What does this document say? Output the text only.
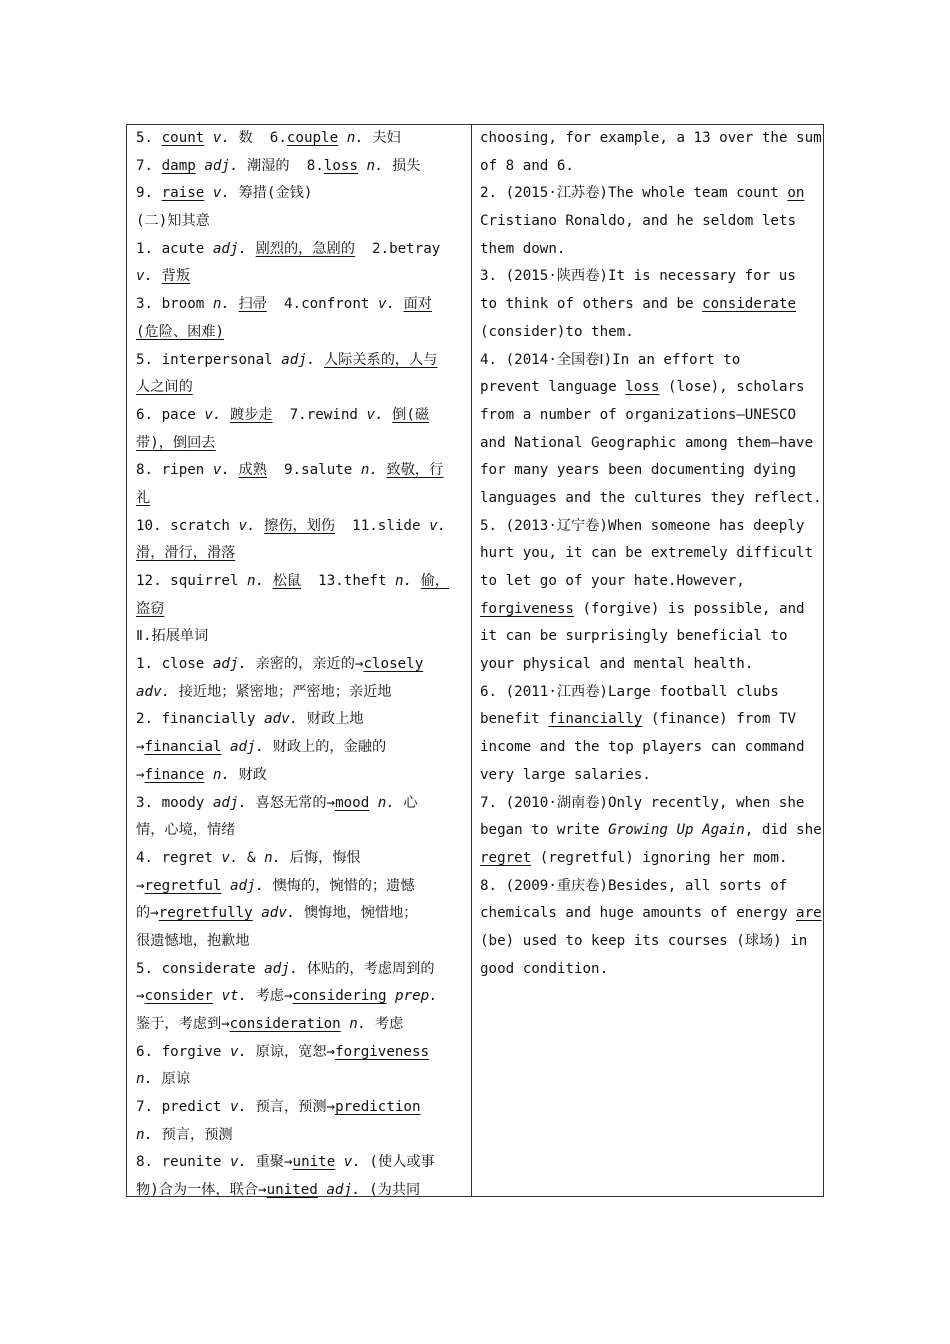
5. count v. 数  6.couple n. 夫妇
7. damp adj. 潮湿的  8.loss n. 损失
9. raise v. 筹措(金钱)
(二)知其意
1. acute adj. 剧烈的，急剧的  2.betray
v. 背叛
3. broom n. 扫帚  4.confront v. 面对
(危险、困难)
5. interpersonal adj. 人际关系的，人与
人之间的
6. pace v. 踱步走  7.rewind v. 倒(磁
带)，倒回去
8. ripen v. 成熟  9.salute n. 致敬，行
礼
10. scratch v. 擦伤，划伤  11.slide v.
滑，滑行，滑落
12. squirrel n. 松鼠  13.theft n. 偷，
盗窃
Ⅱ.拓展单词
1. close adj. 亲密的，亲近的→closely
adv. 接近地；紧密地；严密地；亲近地
2. financially adv. 财政上地
→financial adj. 财政上的，金融的
→finance n. 财政
3. moody adj. 喜怒无常的→mood n. 心
情，心境，情绪
4. regret v. & n. 后悔，悔恨
→regretful adj. 懊悔的，惋惜的；遗憾
的→regretfully adv. 懊悔地，惋惜地；
很遗憾地，抱歉地
5. considerate adj. 体贴的，考虑周到的
→consider vt. 考虑→considering prep.
鉴于，考虑到→consideration n. 考虑
6. forgive v. 原谅，宽恕→forgiveness
n. 原谅
7. predict v. 预言，预测→prediction
n. 预言，预测
8. reunite v. 重聚→unite v. (使人或事
物)合为一体，联合→united adj. (为共同
choosing, for example, a 13 over the sum
of 8 and 6.
2. (2015·江苏卷)The whole team count on
Cristiano Ronaldo, and he seldom lets
them down.
3. (2015·陕西卷)It is necessary for us
to think of others and be considerate
(consider)to them.
4. (2014·全国卷Ⅰ)In an effort to
prevent language loss (lose), scholars
from a number of organizations—UNESCO
and National Geographic among them—have
for many years been documenting dying
languages and the cultures they reflect.
5. (2013·辽宁卷)When someone has deeply
hurt you, it can be extremely difficult
to let go of your hate.However,
forgiveness (forgive) is possible, and
it can be surprisingly beneficial to
your physical and mental health.
6. (2011·江西卷)Large football clubs
benefit financially (finance) from TV
income and the top players can command
very large salaries.
7. (2010·湖南卷)Only recently, when she
began to write Growing Up Again, did she
regret (regretful) ignoring her mom.
8. (2009·重庆卷)Besides, all sorts of
chemicals and huge amounts of energy are
(be) used to keep its courses (球场) in
good condition.
